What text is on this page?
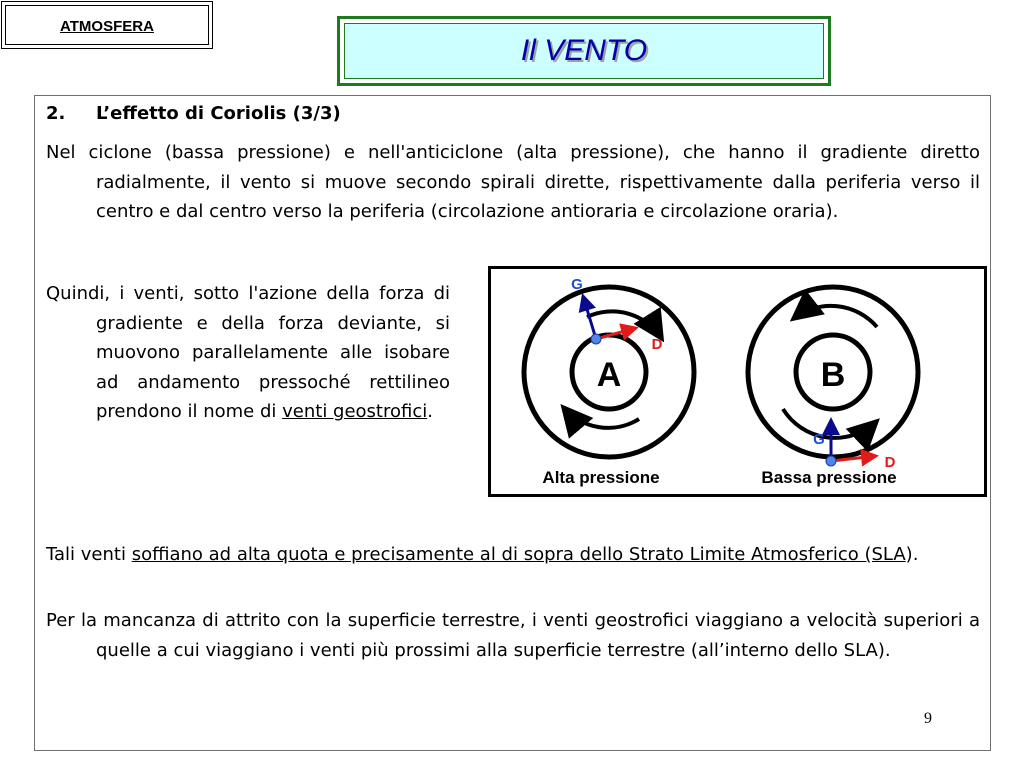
ATMOSFERA
Il VENTO
2. L’effetto di Coriolis (3/3)
Nel ciclone (bassa pressione) e nell'anticiclone (alta pressione), che hanno il gradiente diretto radialmente, il vento si muove secondo spirali dirette, rispettivamente dalla periferia verso il centro e dal centro verso la periferia (circolazione antioraria e circolazione oraria).
Quindi, i venti, sotto l'azione della forza di gradiente e della forza deviante, si muovono parallelamente alle isobare ad andamento pressoché rettilineo prendono il nome di venti geostrofici.
A
G
D
Alta pressione
B
G
D
Bassa pressione
Tali venti soffiano ad alta quota e precisamente al di sopra dello Strato Limite Atmosferico (SLA).
Per la mancanza di attrito con la superficie terrestre, i venti geostrofici viaggiano a velocità superiori a quelle a cui viaggiano i venti più prossimi alla superficie terrestre (all’interno dello SLA).
9
